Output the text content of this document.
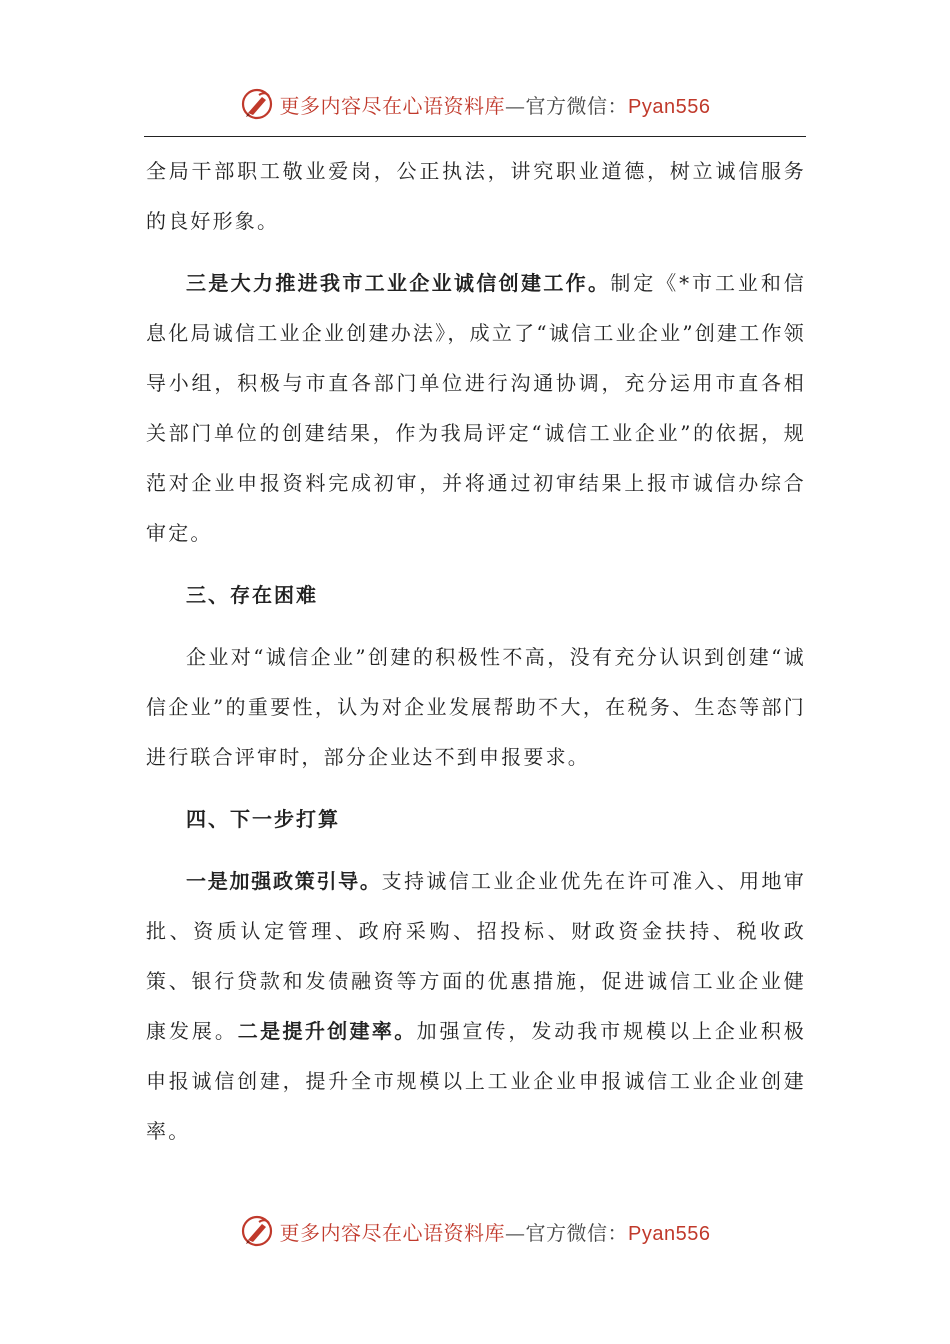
更多内容尽在心语资料库—官方微信：Pyan556

全局干部职工敬业爱岗，公正执法，讲究职业道德，树立诚信服务的良好形象。

三是大力推进我市工业企业诚信创建工作。制定《*市工业和信息化局诚信工业企业创建办法》，成立了“诚信工业企业”创建工作领导小组，积极与市直各部门单位进行沟通协调，充分运用市直各相关部门单位的创建结果，作为我局评定“诚信工业企业”的依据，规范对企业申报资料完成初审，并将通过初审结果上报市诚信办综合审定。

三、存在困难

企业对“诚信企业”创建的积极性不高，没有充分认识到创建“诚信企业”的重要性，认为对企业发展帮助不大，在税务、生态等部门进行联合评审时，部分企业达不到申报要求。

四、下一步打算

一是加强政策引导。支持诚信工业企业优先在许可准入、用地审批、资质认定管理、政府采购、招投标、财政资金扶持、税收政策、银行贷款和发债融资等方面的优惠措施，促进诚信工业企业健康发展。二是提升创建率。加强宣传，发动我市规模以上企业积极申报诚信创建，提升全市规模以上工业企业申报诚信工业企业创建率。

更多内容尽在心语资料库—官方微信：Pyan556
